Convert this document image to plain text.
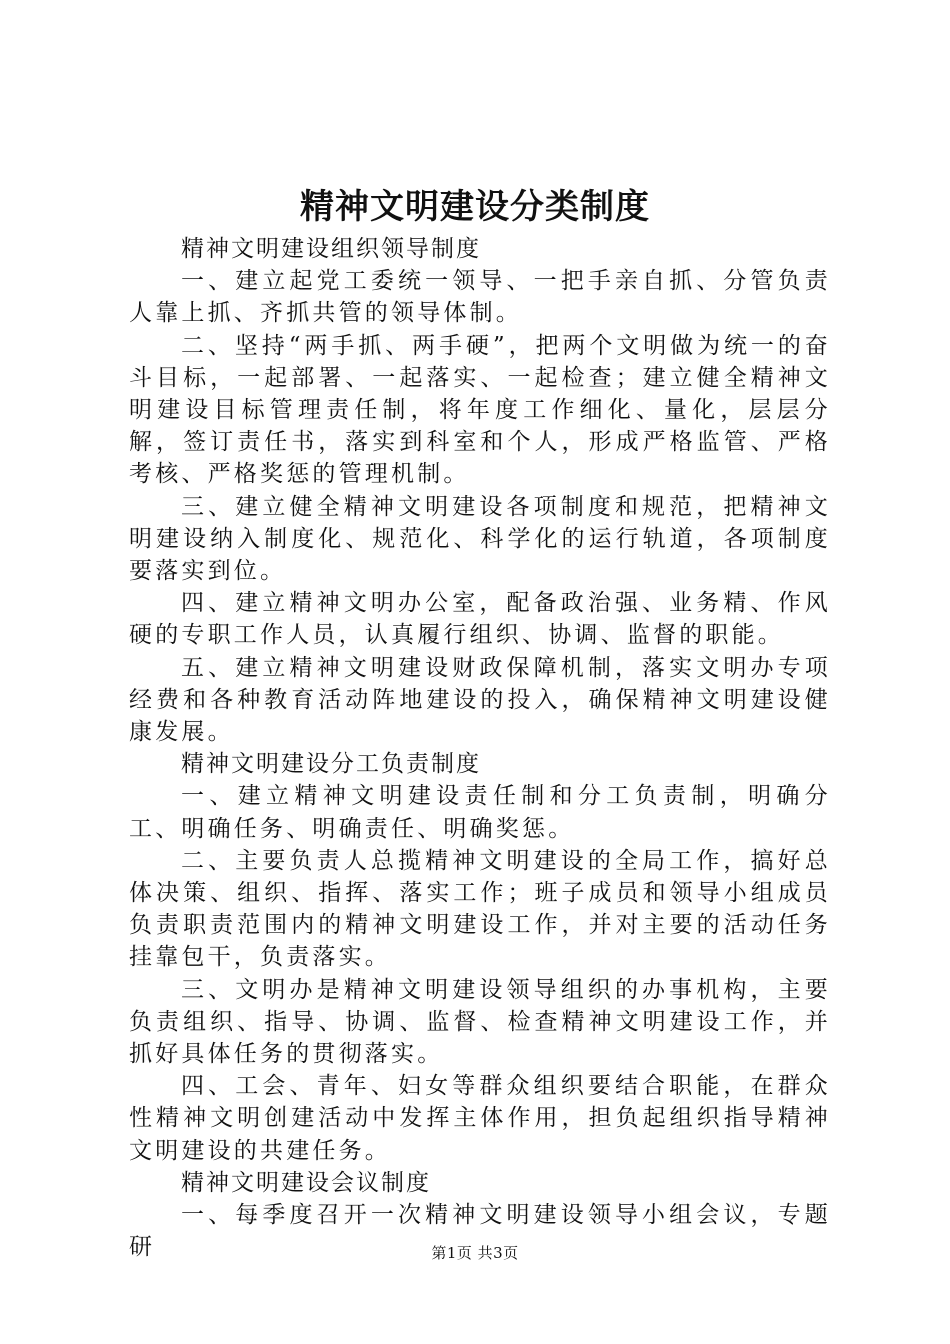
精神文明建设分类制度

精神文明建设组织领导制度

一、建立起党工委统一领导、一把手亲自抓、分管负责人靠上抓、齐抓共管的领导体制。

二、坚持“两手抓、两手硬”，把两个文明做为统一的奋斗目标，一起部署、一起落实、一起检查；建立健全精神文明建设目标管理责任制，将年度工作细化、量化，层层分解，签订责任书，落实到科室和个人，形成严格监管、严格考核、严格奖惩的管理机制。

三、建立健全精神文明建设各项制度和规范，把精神文明建设纳入制度化、规范化、科学化的运行轨道，各项制度要落实到位。

四、建立精神文明办公室，配备政治强、业务精、作风硬的专职工作人员，认真履行组织、协调、监督的职能。

五、建立精神文明建设财政保障机制，落实文明办专项经费和各种教育活动阵地建设的投入，确保精神文明建设健康发展。

精神文明建设分工负责制度

一、建立精神文明建设责任制和分工负责制，明确分工、明确任务、明确责任、明确奖惩。

二、主要负责人总揽精神文明建设的全局工作，搞好总体决策、组织、指挥、落实工作；班子成员和领导小组成员负责职责范围内的精神文明建设工作，并对主要的活动任务挂靠包干，负责落实。

三、文明办是精神文明建设领导组织的办事机构，主要负责组织、指导、协调、监督、检查精神文明建设工作，并抓好具体任务的贯彻落实。

四、工会、青年、妇女等群众组织要结合职能，在群众性精神文明创建活动中发挥主体作用，担负起组织指导精神文明建设的共建任务。

精神文明建设会议制度

一、每季度召开一次精神文明建设领导小组会议，专题研	第1页 共3页
